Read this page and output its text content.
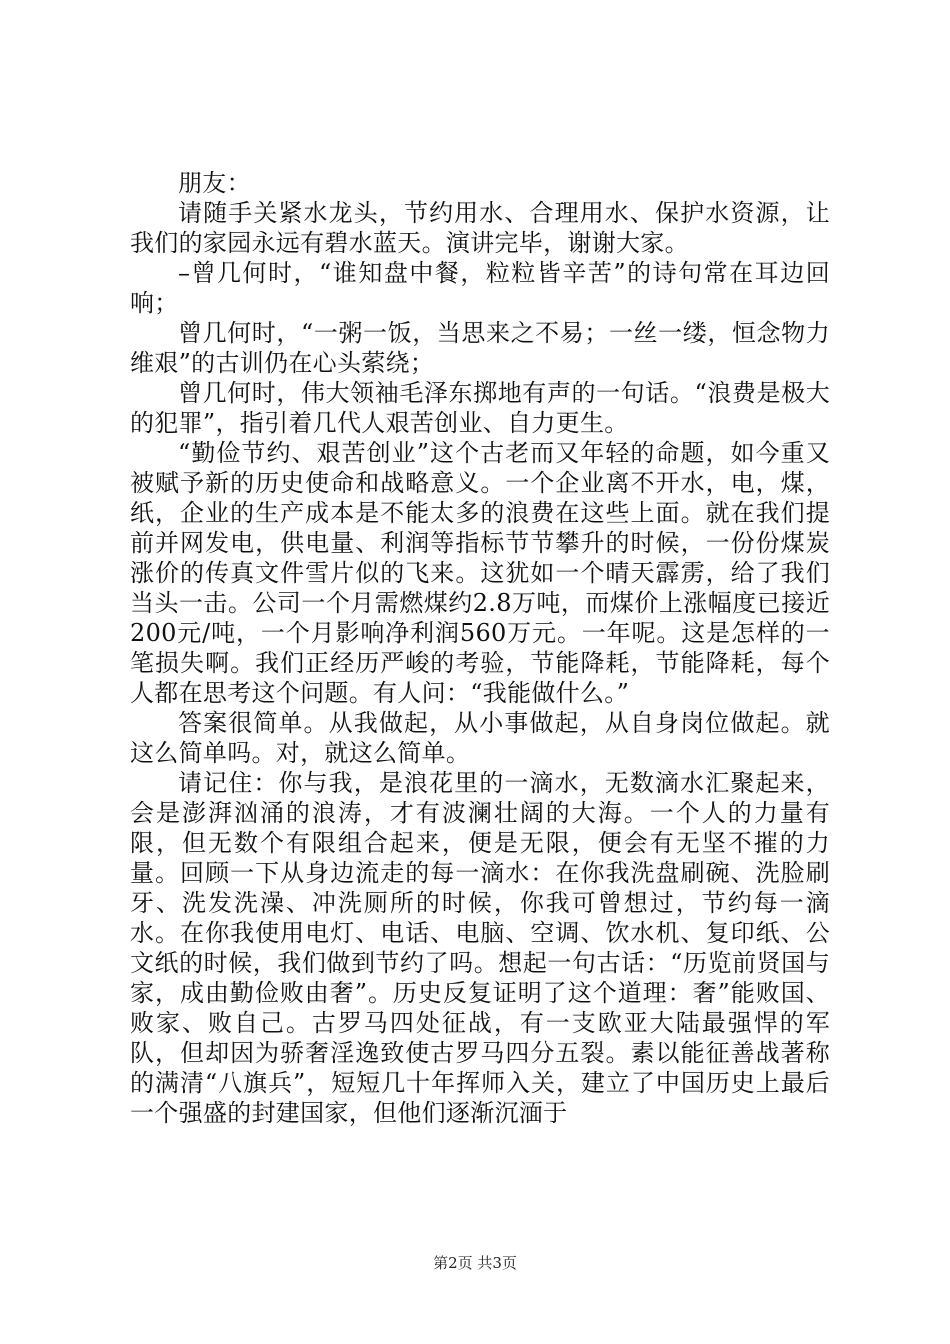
朋友：

请随手关紧水龙头，节约用水、合理用水、保护水资源，让我们的家园永远有碧水蓝天。演讲完毕，谢谢大家。

–曾几何时，“谁知盘中餐，粒粒皆辛苦”的诗句常在耳边回响；

曾几何时，“一粥一饭，当思来之不易；一丝一缕，恒念物力维艰”的古训仍在心头萦绕；

曾几何时，伟大领袖毛泽东掷地有声的一句话。“浪费是极大的犯罪”，指引着几代人艰苦创业、自力更生。

“勤俭节约、艰苦创业”这个古老而又年轻的命题，如今重又被赋予新的历史使命和战略意义。一个企业离不开水，电，煤，纸，企业的生产成本是不能太多的浪费在这些上面。就在我们提前并网发电，供电量、利润等指标节节攀升的时候，一份份煤炭涨价的传真文件雪片似的飞来。这犹如一个晴天霹雳，给了我们当头一击。公司一个月需燃煤约2.8万吨，而煤价上涨幅度已接近200元/吨，一个月影响净利润560万元。一年呢。这是怎样的一笔损失啊。我们正经历严峻的考验，节能降耗，节能降耗，每个人都在思考这个问题。有人问：“我能做什么。”

答案很简单。从我做起，从小事做起，从自身岗位做起。就这么简单吗。对，就这么简单。

请记住：你与我，是浪花里的一滴水，无数滴水汇聚起来，会是澎湃汹涌的浪涛，才有波澜壮阔的大海。一个人的力量有限，但无数个有限组合起来，便是无限，便会有无坚不摧的力量。回顾一下从身边流走的每一滴水：在你我洗盘刷碗、洗脸刷牙、洗发洗澡、冲洗厕所的时候，你我可曾想过，节约每一滴水。在你我使用电灯、电话、电脑、空调、饮水机、复印纸、公文纸的时候，我们做到节约了吗。想起一句古话：“历览前贤国与家，成由勤俭败由奢”。历史反复证明了这个道理：奢”能败国、败家、败自己。古罗马四处征战，有一支欧亚大陆最强悍的军队，但却因为骄奢淫逸致使古罗马四分五裂。素以能征善战著称的满清“八旗兵”，短短几十年挥师入关，建立了中国历史上最后一个强盛的封建国家，但他们逐渐沉湎于

第2页 共3页
